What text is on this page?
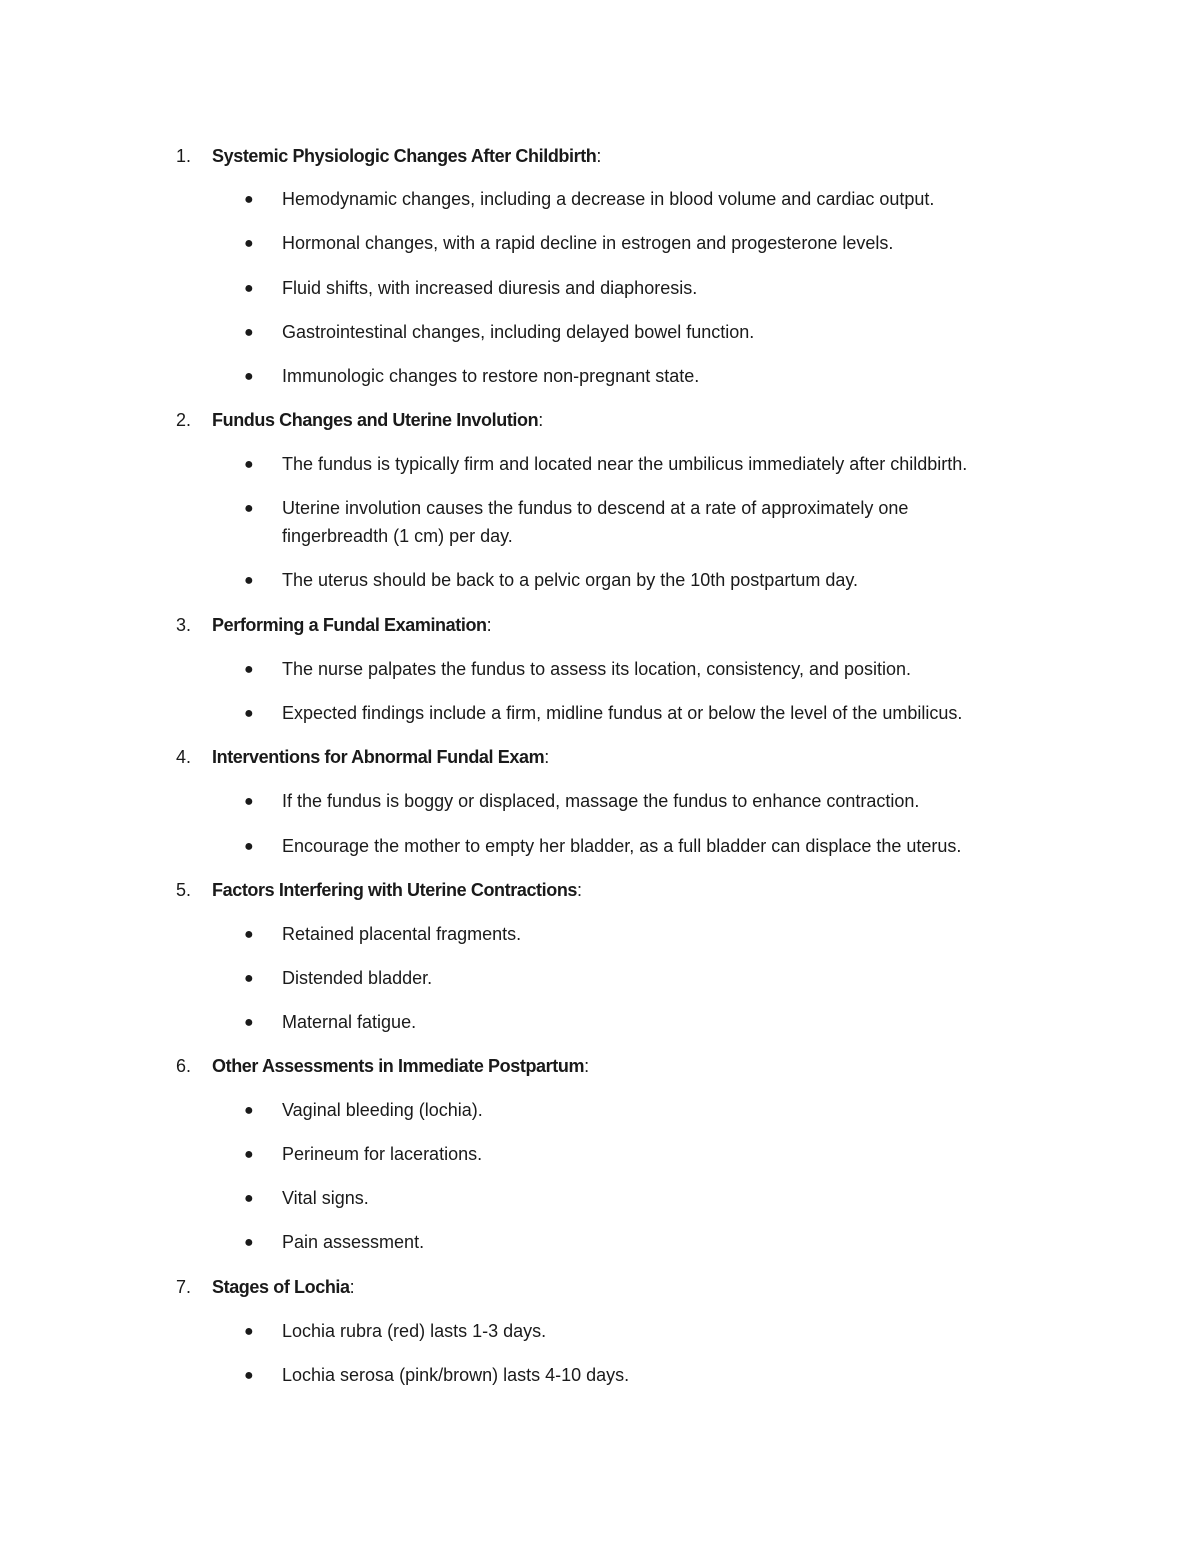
1. Systemic Physiologic Changes After Childbirth:
● Hemodynamic changes, including a decrease in blood volume and cardiac output.
● Hormonal changes, with a rapid decline in estrogen and progesterone levels.
● Fluid shifts, with increased diuresis and diaphoresis.
● Gastrointestinal changes, including delayed bowel function.
● Immunologic changes to restore non-pregnant state.
2. Fundus Changes and Uterine Involution:
● The fundus is typically firm and located near the umbilicus immediately after childbirth.
● Uterine involution causes the fundus to descend at a rate of approximately one fingerbreadth (1 cm) per day.
● The uterus should be back to a pelvic organ by the 10th postpartum day.
3. Performing a Fundal Examination:
● The nurse palpates the fundus to assess its location, consistency, and position.
● Expected findings include a firm, midline fundus at or below the level of the umbilicus.
4. Interventions for Abnormal Fundal Exam:
● If the fundus is boggy or displaced, massage the fundus to enhance contraction.
● Encourage the mother to empty her bladder, as a full bladder can displace the uterus.
5. Factors Interfering with Uterine Contractions:
● Retained placental fragments.
● Distended bladder.
● Maternal fatigue.
6. Other Assessments in Immediate Postpartum:
● Vaginal bleeding (lochia).
● Perineum for lacerations.
● Vital signs.
● Pain assessment.
7. Stages of Lochia:
● Lochia rubra (red) lasts 1-3 days.
● Lochia serosa (pink/brown) lasts 4-10 days.
